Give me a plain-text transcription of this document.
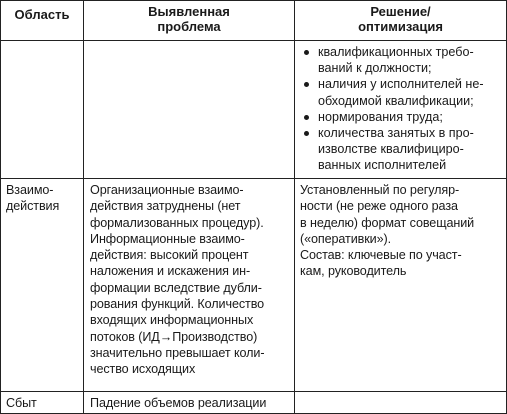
Область	Выявленная
проблема
Решение/
оптимизация
квалификационных требо-
ваний к должности;
наличия у исполнителей не-
обходимой квалификации;
нормирования труда;
количества занятых в про-
изволстве квалифициро-
ванных исполнителей
Взаимо-
действия
Организационные взаимо-
действия затруднены (нет
формализованных процедур).
Информационные взаимо-
действия: высокий процент
наложения и искажения ин-
формации вследствие дубли-
рования функций. Количество
входящих информационных
потоков (ИД→Производство)
значительно превышает коли-
чество исходящих
Установленный по регуляр-
ности (не реже одного раза
в неделю) формат совещаний
(«оперативки»).
Состав: ключевые по участ-
кам, руководитель
Сбыт	Падение объемов реализации
